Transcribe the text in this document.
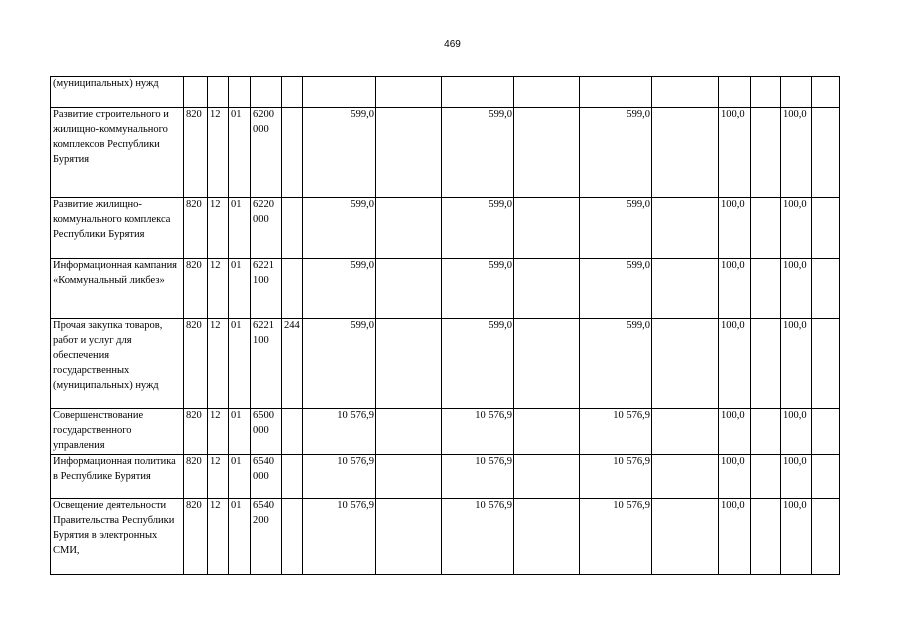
469
(муниципальных) нужд															
Развитие строительного и жилищно-коммунального комплексов Республики Бурятия	820	12	01	6200 000		599,0		599,0		599,0		100,0		100,0	
Развитие жилищно-коммунального комплекса Республики Бурятия	820	12	01	6220 000		599,0		599,0		599,0		100,0		100,0	
Информационная кампания «Коммунальный ликбез»	820	12	01	6221 100		599,0		599,0		599,0		100,0		100,0	
Прочая закупка товаров, работ и услуг для обеспечения государственных (муниципальных) нужд	820	12	01	6221 100	244	599,0		599,0		599,0		100,0		100,0	
Совершенствование государственного управления	820	12	01	6500 000		10 576,9		10 576,9		10 576,9		100,0		100,0	
Информационная политика в Республике Бурятия	820	12	01	6540 000		10 576,9		10 576,9		10 576,9		100,0		100,0	
Освещение деятельности Правительства Республики Бурятия в электронных СМИ,	820	12	01	6540 200		10 576,9		10 576,9		10 576,9		100,0		100,0	
